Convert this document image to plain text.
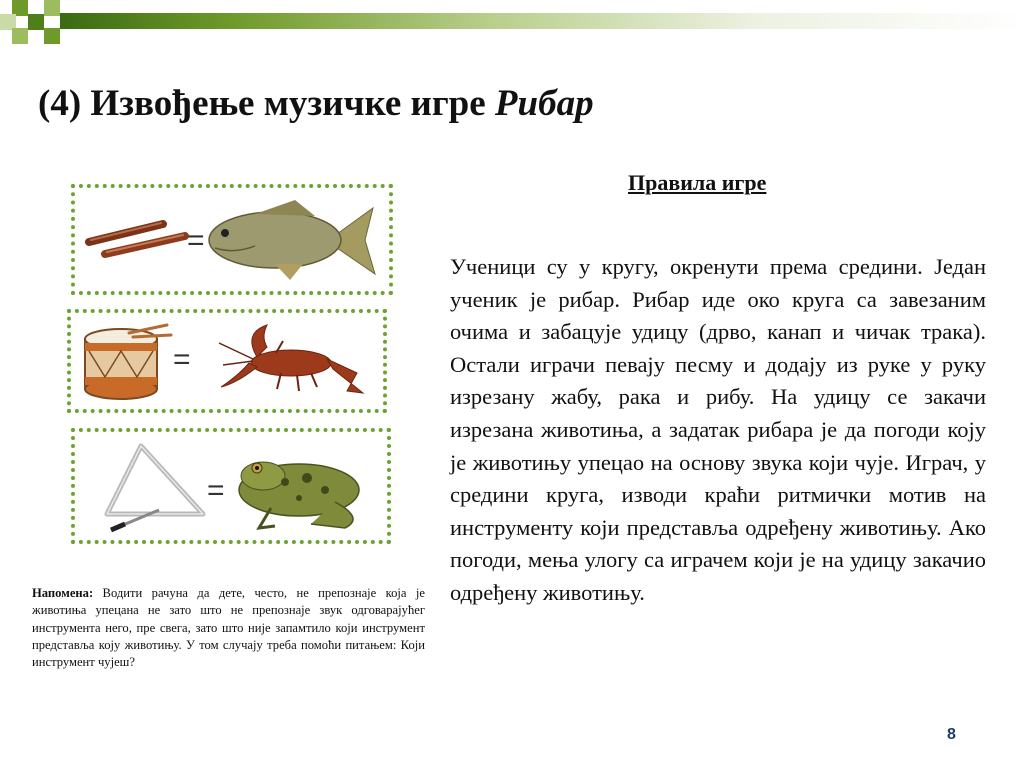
(4) Извођење музичке игре Рибар
=
=
=
Правила игре

Ученици су у кругу, окренути према средини. Један ученик је рибар. Рибар иде око круга са завезаним очима и забацује удицу (дрво, канап и чичак трака). Остали играчи певају песму и додају из руке у руку изрезану жабу, рака и рибу. На удицу се закачи изрезана животиња, а задатак рибара је да погоди коју је животињу упецао на основу звука који чује. Играч, у средини круга, изводи краћи ритмички мотив на инструменту који представља одређену животињу. Ако погоди, мења улогу са играчем који је на удицу закачио одређену животињу.

Напомена: Водити рачуна да дете, често, не препознаје која је животиња упецана не зато што не препознаје звук одговарајућег инструмента него, пре свега, зато што није запамтило који инструмент представља коју животињу. У том случају треба помоћи питањем: Који инструмент чујеш?

8
